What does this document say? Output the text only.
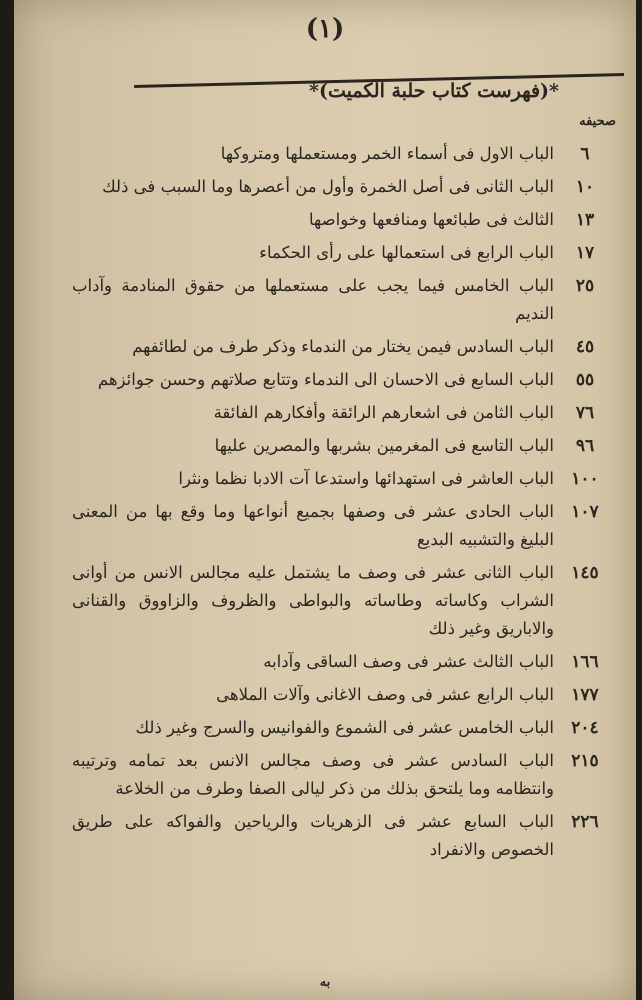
(١)
*(فهرست كتاب حلبة الكميت)*
صحيفه
٦
الباب الاول فى أسماء الخمر ومستعملها ومتروكها
١٠
الباب الثانى فى أصل الخمرة وأول من أعصرها وما السبب فى ذلك
١٣
الثالث فى طبائعها ومنافعها وخواصها
١٧
الباب الرابع فى استعمالها على رأى الحكماء
٢٥
الباب الخامس فيما يجب على مستعملها من حقوق المنادمة وآداب النديم
٤٥
الباب السادس فيمن يختار من الندماء وذكر طرف من لطائفهم
٥٥
الباب السابع فى الاحسان الى الندماء وتتابع صلاتهم وحسن جوائزهم
٧٦
الباب الثامن فى اشعارهم الرائقة وأفكارهم الفائقة
٩٦
الباب التاسع فى المغرمين بشربها والمصرين عليها
١٠٠
الباب العاشر فى استهدائها واستدعا آت الادبا نظما ونثرا
١٠٧
الباب الحادى عشر فى وصفها بجميع أنواعها وما وقع بها من المعنى البليغ والتشبيه البديع
١٤٥
الباب الثانى عشر فى وصف ما يشتمل عليه مجالس الانس من أوانى الشراب وكاساته وطاساته والبواطى والظروف والزاووق والقنانى والاباريق وغير ذلك
١٦٦
الباب الثالث عشر فى وصف الساقى وآدابه
١٧٧
الباب الرابع عشر فى وصف الاغانى وآلات الملاهى
٢٠٤
الباب الخامس عشر فى الشموع والفوانيس والسرج وغير ذلك
٢١٥
الباب السادس عشر فى وصف مجالس الانس بعد تمامه وترتيبه وانتظامه وما يلتحق بذلك من ذكر ليالى الصفا وطرف من الخلاعة
٢٢٦
الباب السابع عشر فى الزهريات والرياحين والفواكه على طريق الخصوص والانفراد
به
